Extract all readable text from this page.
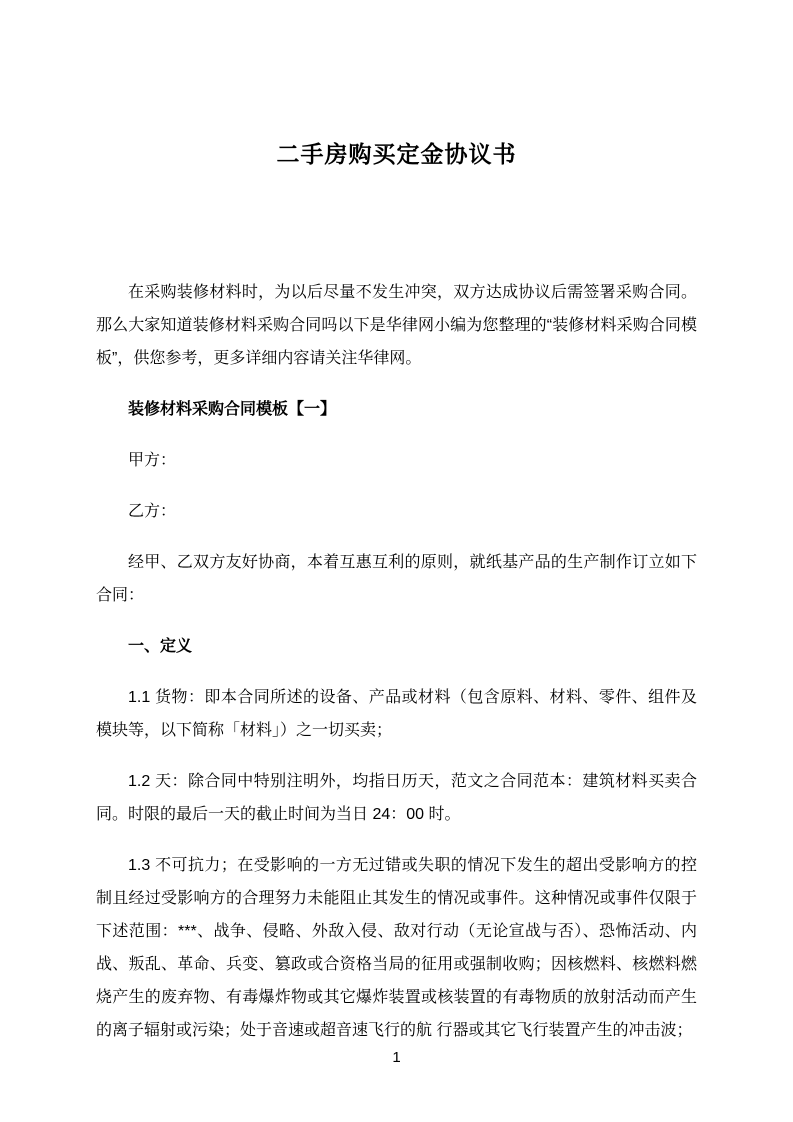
二手房购买定金协议书

在采购装修材料时，为以后尽量不发生冲突，双方达成协议后需签署采购合同。那么大家知道装修材料采购合同吗以下是华律网小编为您整理的“装修材料采购合同模板”，供您参考，更多详细内容请关注华律网。

装修材料采购合同模板【一】

甲方：

乙方：

经甲、乙双方友好协商，本着互惠互利的原则，就纸基产品的生产制作订立如下合同：

一、定义

1.1 货物：即本合同所述的设备、产品或材料（包含原料、材料、零件、组件及模块等，以下简称「材料」）之一切买卖；

1.2 天：除合同中特别注明外，均指日历天，范文之合同范本：建筑材料买卖合同。时限的最后一天的截止时间为当日 24：00 时。

1.3 不可抗力；在受影响的一方无过错或失职的情况下发生的超出受影响方的控制且经过受影响方的合理努力未能阻止其发生的情况或事件。这种情况或事件仅限于下述范围：***、战争、侵略、外敌入侵、敌对行动（无论宣战与否）、恐怖活动、内战、叛乱、革命、兵变、篡政或合资格当局的征用或强制收购；因核燃料、核燃料燃烧产生的废弃物、有毒爆炸物或其它爆炸装置或核装置的有毒物质的放射活动而产生的离子辐射或污染；处于音速或超音速飞行的航 行器或其它飞行装置产生的冲击波；

1
